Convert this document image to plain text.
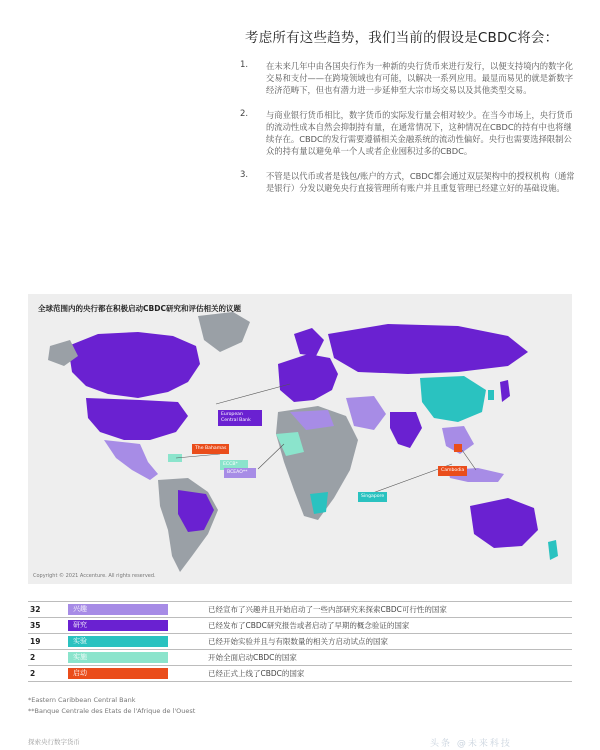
考虑所有这些趋势，我们当前的假设是CBDC将会：
1.	在未来几年中由各国央行作为一种新的央行货币来进行发行，以便支持境内的数字化交易和支付——在跨境领域也有可能，以解决一系列应用。最显而易见的就是新数字经济范畴下，但也有潜力进一步延伸至大宗市场交易以及其他类型交易。
2.	与商业银行货币相比，数字货币的实际发行量会相对较少。在当今市场上，央行货币的流动性成本自然会抑制持有量，在通常情况下，这种情况在CBDC的持有中也将继续存在。CBDC的发行需要遵循相关金融系统的流动性偏好。央行也需要选择限制公众的持有量以避免单一个人或者企业囤积过多的CBDC。
3.	不管是以代币或者是钱包/账户的方式，CBDC都会通过双层架构中的授权机构（通常是银行）分发以避免央行直接管理所有账户并且重复管理已经建立好的基础设施。
全球范围内的央行都在积极启动CBDC研究和评估相关的议题
European Central Bank
The Bahamas
ECCB*
BCEAO**
Singapore
Cambodia
Copyright © 2021 Accenture. All rights reserved.
32	兴趣	已经宣布了兴趣并且开始启动了一些内部研究来探索CBDC可行性的国家
35	研究	已经发布了CBDC研究报告或者启动了早期的概念验证的国家
19	实验	已经开始实验并且与有限数量的相关方启动试点的国家
2	实施	开始全面启动CBDC的国家
2	启动	已经正式上线了CBDC的国家
*Eastern Caribbean Central Bank
**Banque Centrale des Etats de l'Afrique de l'Ouest
探索央行数字货币	头条 @未来科技
